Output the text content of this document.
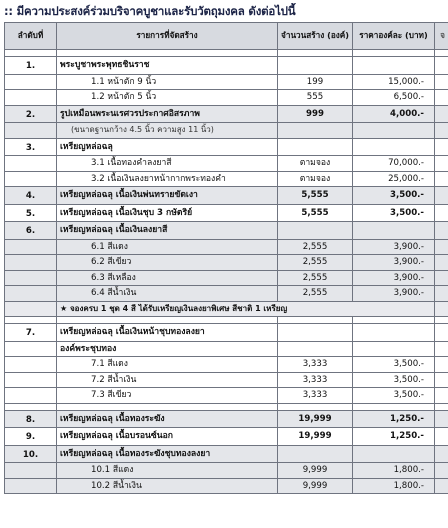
:: มีความประสงค์ร่วมบริจาคบูชาและรับวัตถุมงคล ดังต่อไปนี้
ลำดับที่	รายการที่จัดสร้าง	จำนวนสร้าง (องค์)	ราคาองค์ละ (บาท)	จ

1.	พระบูชาพระพุทธชินราช			
	1.1 หน้าตัก 9 นิ้ว	199	15,000.-	
	1.2 หน้าตัก 5 นิ้ว	555	6,500.-	
2.	รูปเหมือนพระนเรศวรประกาศอิสรภาพ	999	4,000.-	
	(ขนาดฐานกว้าง 4.5 นิ้ว ความสูง 11 นิ้ว)			
3.	เหรียญหล่อฉลุ			
	3.1 เนื้อทองคำลงยาสี	ตามจอง	70,000.-	
	3.2 เนื้อเงินลงยาหน้ากากพระทองคำ	ตามจอง	25,000.-	
4.	เหรียญหล่อฉลุ เนื้อเงินพ่นทรายขัดเงา	5,555	3,500.-	
5.	เหรียญหล่อฉลุ เนื้อเงินชุบ 3 กษัตริย์	5,555	3,500.-	
6.	เหรียญหล่อฉลุ เนื้อเงินลงยาสี			
	6.1 สีแดง	2,555	3,900.-	
	6.2 สีเขียว	2,555	3,900.-	
	6.3 สีเหลือง	2,555	3,900.-	
	6.4 สีน้ำเงิน	2,555	3,900.-	
	★ จองครบ 1 ชุด 4 สี ได้รับเหรียญเงินลงยาพิเศษ สีชาติ 1 เหรียญ			

7.	เหรียญหล่อฉลุ เนื้อเงินหน้าชุบทองลงยา			
	องค์พระชุบทอง			
	7.1 สีแดง	3,333	3,500.-	
	7.2 สีน้ำเงิน	3,333	3,500.-	
	7.3 สีเขียว	3,333	3,500.-	

8.	เหรียญหล่อฉลุ เนื้อทองระฆัง	19,999	1,250.-	
9.	เหรียญหล่อฉลุ เนื้อบรอนซ์นอก	19,999	1,250.-	
10.	เหรียญหล่อฉลุ เนื้อทองระฆังชุบทองลงยา			
	10.1 สีแดง	9,999	1,800.-	
	10.2 สีน้ำเงิน	9,999	1,800.-	
